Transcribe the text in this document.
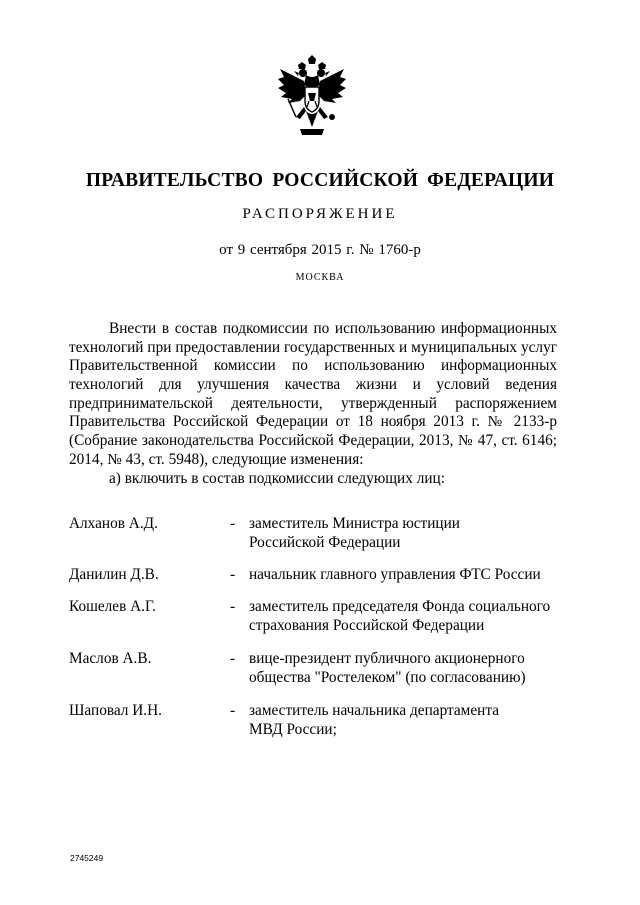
ПРАВИТЕЛЬСТВО РОССИЙСКОЙ ФЕДЕРАЦИИ
РАСПОРЯЖЕНИЕ
от 9 сентября 2015 г. № 1760-р
МОСКВА
Внести в состав подкомиссии по использованию информационных
технологий при предоставлении государственных и муниципальных услуг
Правительственной комиссии по использованию информационных
технологий для улучшения качества жизни и условий ведения
предпринимательской деятельности, утвержденный распоряжением
Правительства Российской Федерации от 18 ноября 2013 г. № 2133-р
(Собрание законодательства Российской Федерации, 2013, № 47, ст. 6146;
2014, № 43, ст. 5948), следующие изменения:
а) включить в состав подкомиссии следующих лиц:
Алханов А.Д.	- заместитель Министра юстиции
Российской Федерации
Данилин Д.В.	- начальник главного управления ФТС России
Кошелев А.Г.	- заместитель председателя Фонда социального
страхования Российской Федерации
Маслов А.В.	- вице-президент публичного акционерного
общества "Ростелеком" (по согласованию)
Шаповал И.Н.	- заместитель начальника департамента
МВД России;
2745249
